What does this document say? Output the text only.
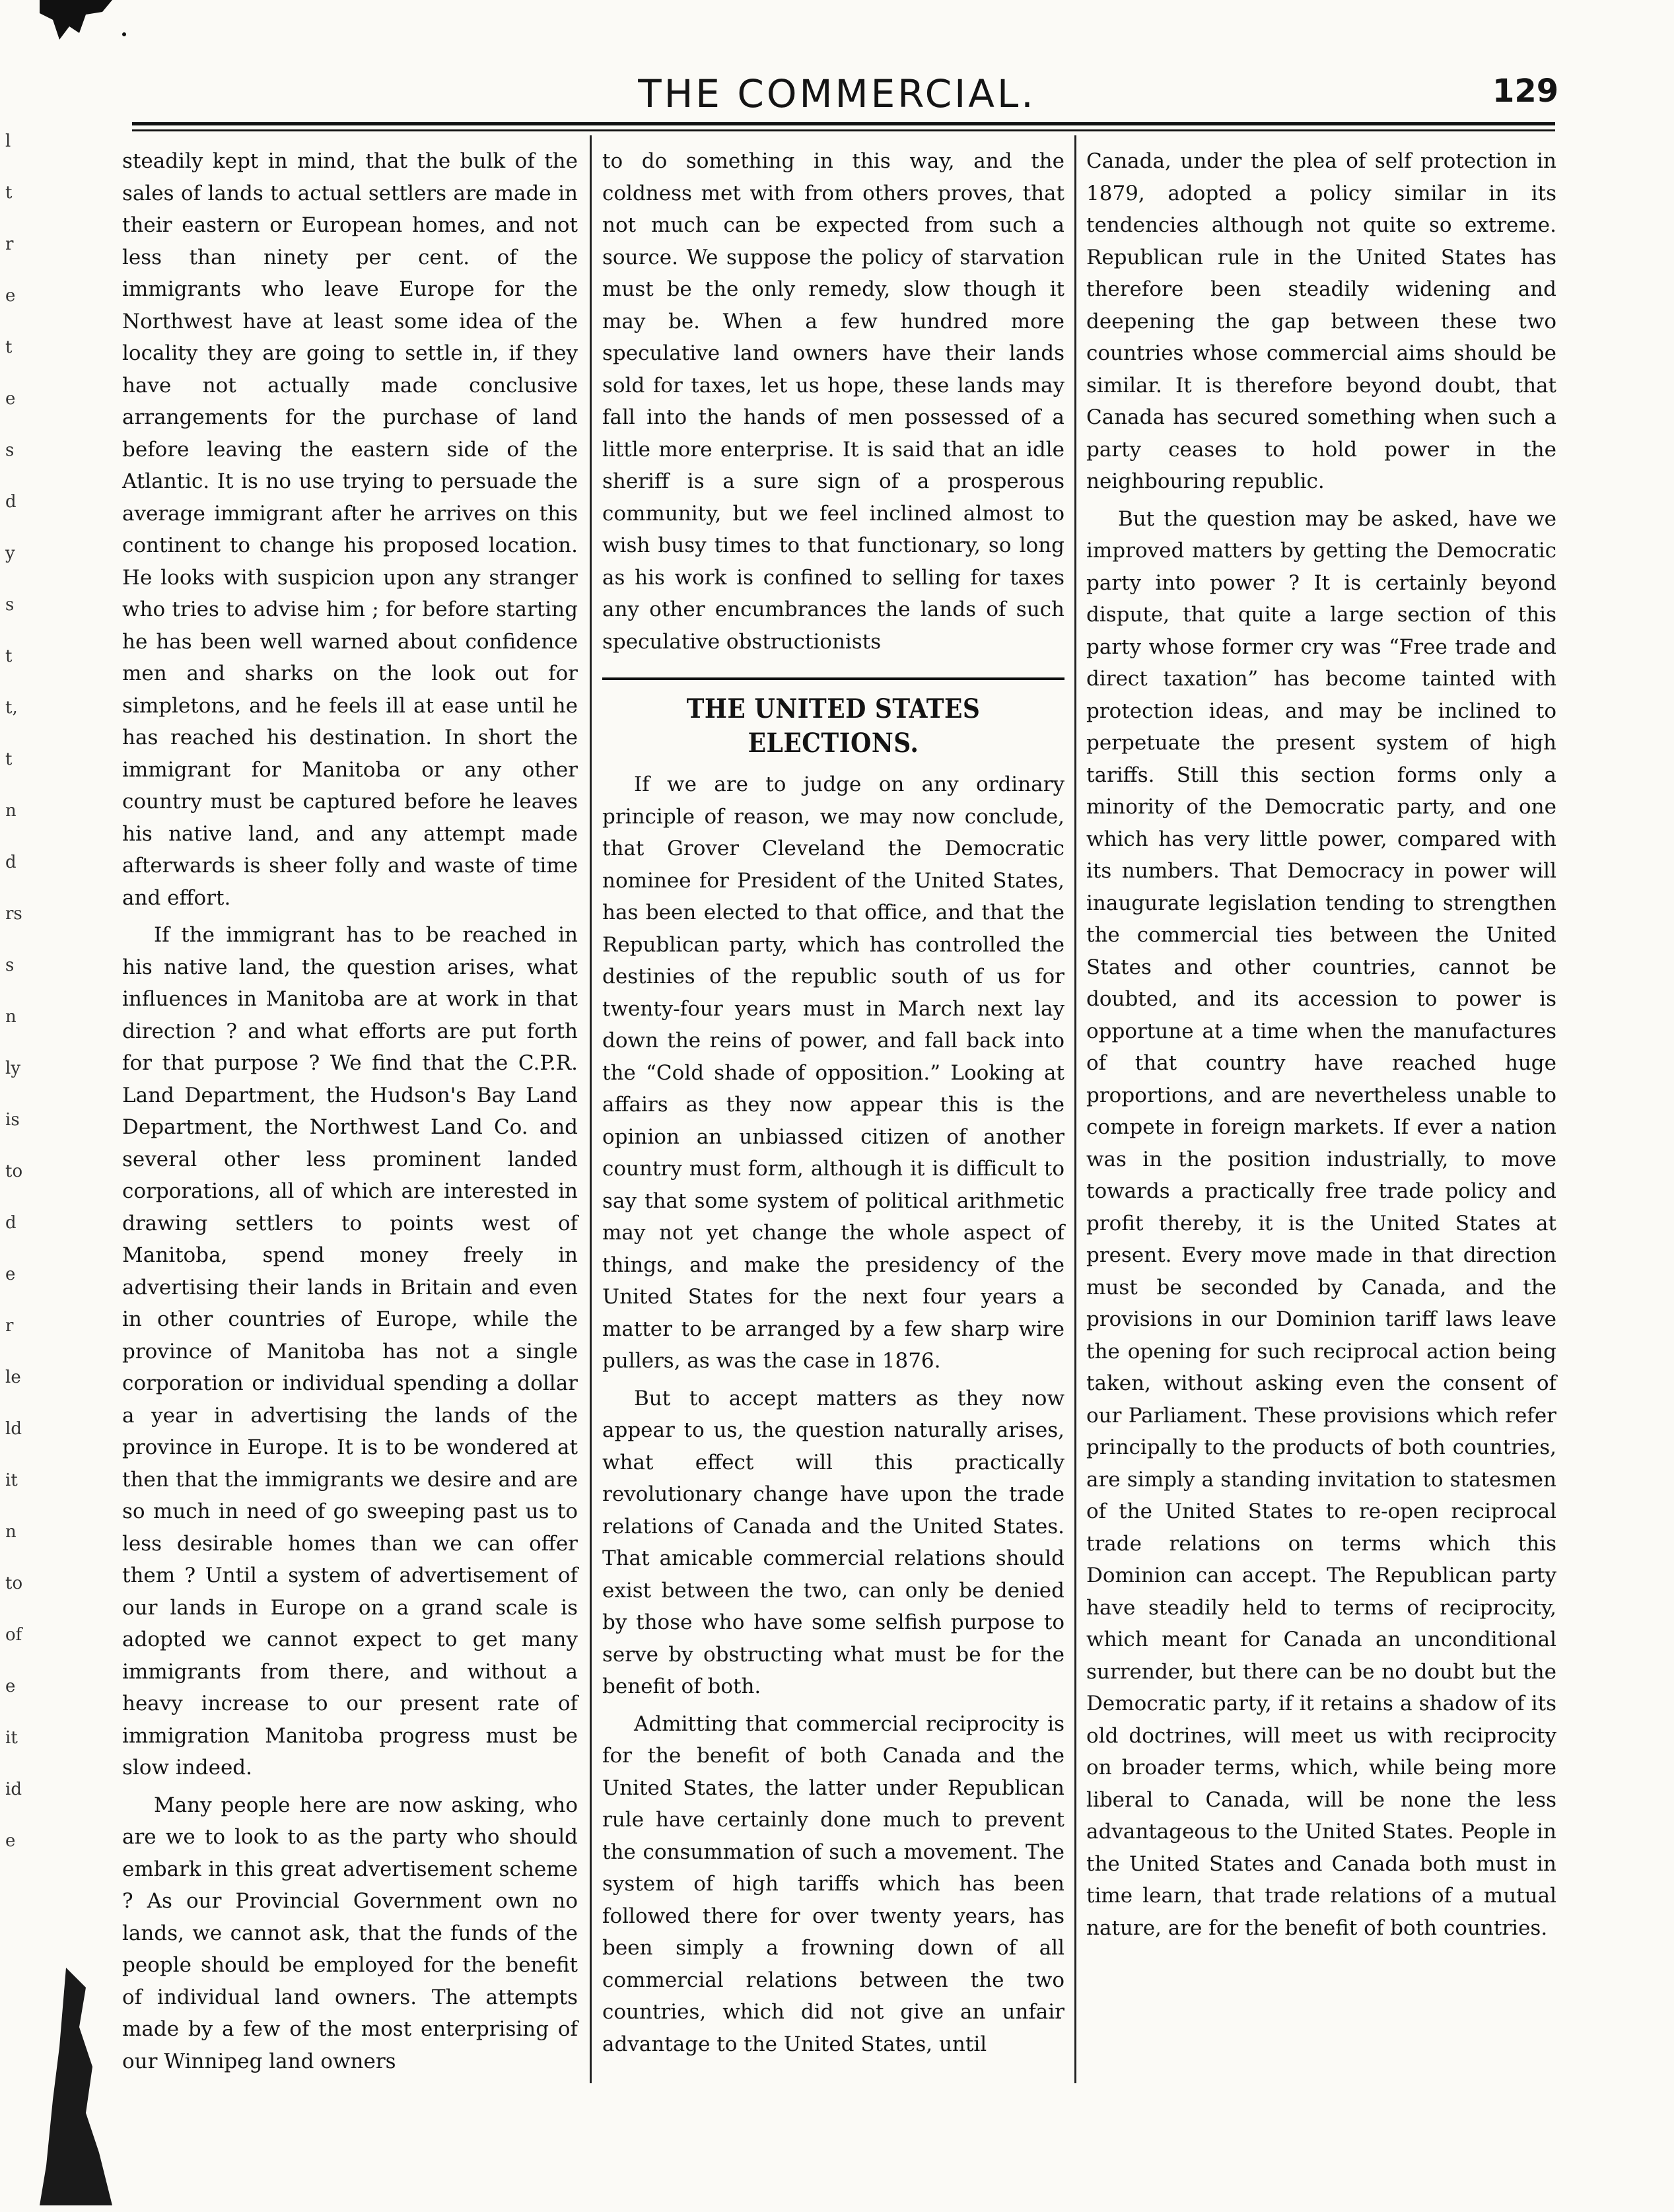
THE COMMERCIAL.	129
l
t
r
e
t
e
s
d
y
s
t
t,
t
n
d
rs
s
n
ly
is
to
d
e
r
le
ld
it
n
to
of
e
it
id
e

steadily kept in mind, that the bulk of the sales of lands to actual settlers are made in their eastern or European homes, and not less than ninety per cent. of the immigrants who leave Europe for the Northwest have at least some idea of the locality they are going to settle in, if they have not actually made conclusive arrangements for the purchase of land before leaving the eastern side of the Atlantic. It is no use trying to persuade the average immigrant after he arrives on this continent to change his proposed location. He looks with suspicion upon any stranger who tries to advise him ; for before starting he has been well warned about confidence men and sharks on the look out for simpletons, and he feels ill at ease until he has reached his destination. In short the immigrant for Manitoba or any other country must be captured before he leaves his native land, and any attempt made afterwards is sheer folly and waste of time and effort.

If the immigrant has to be reached in his native land, the question arises, what influences in Manitoba are at work in that direction ? and what efforts are put forth for that purpose ? We find that the C.P.R. Land Department, the Hudson's Bay Land Department, the Northwest Land Co. and several other less prominent landed corporations, all of which are interested in drawing settlers to points west of Manitoba, spend money freely in advertising their lands in Britain and even in other countries of Europe, while the province of Manitoba has not a single corporation or individual spending a dollar a year in advertising the lands of the province in Europe. It is to be wondered at then that the immigrants we desire and are so much in need of go sweeping past us to less desirable homes than we can offer them ? Until a system of advertisement of our lands in Europe on a grand scale is adopted we cannot expect to get many immigrants from there, and without a heavy increase to our present rate of immigration Manitoba progress must be slow indeed.

Many people here are now asking, who are we to look to as the party who should embark in this great advertisement scheme ? As our Provincial Government own no lands, we cannot ask, that the funds of the people should be employed for the benefit of individual land owners. The attempts made by a few of the most enterprising of our Winnipeg land owners

to do something in this way, and the coldness met with from others proves, that not much can be expected from such a source. We suppose the policy of starvation must be the only remedy, slow though it may be. When a few hundred more speculative land owners have their lands sold for taxes, let us hope, these lands may fall into the hands of men possessed of a little more enterprise. It is said that an idle sheriff is a sure sign of a prosperous community, but we feel inclined almost to wish busy times to that functionary, so long as his work is confined to selling for taxes any other encumbrances the lands of such speculative obstructionists

THE UNITED STATES ELECTIONS.

If we are to judge on any ordinary principle of reason, we may now conclude, that Grover Cleveland the Democratic nominee for President of the United States, has been elected to that office, and that the Republican party, which has controlled the destinies of the republic south of us for twenty-four years must in March next lay down the reins of power, and fall back into the “Cold shade of opposition.” Looking at affairs as they now appear this is the opinion an unbiassed citizen of another country must form, although it is difficult to say that some system of political arithmetic may not yet change the whole aspect of things, and make the presidency of the United States for the next four years a matter to be arranged by a few sharp wire pullers, as was the case in 1876.

But to accept matters as they now appear to us, the question naturally arises, what effect will this practically revolutionary change have upon the trade relations of Canada and the United States. That amicable commercial relations should exist between the two, can only be denied by those who have some selfish purpose to serve by obstructing what must be for the benefit of both.

Admitting that commercial reciprocity is for the benefit of both Canada and the United States, the latter under Republican rule have certainly done much to prevent the consummation of such a movement. The system of high tariffs which has been followed there for over twenty years, has been simply a frowning down of all commercial relations between the two countries, which did not give an unfair advantage to the United States, until

Canada, under the plea of self protection in 1879, adopted a policy similar in its tendencies although not quite so extreme. Republican rule in the United States has therefore been steadily widening and deepening the gap between these two countries whose commercial aims should be similar. It is therefore beyond doubt, that Canada has secured something when such a party ceases to hold power in the neighbouring republic.

But the question may be asked, have we improved matters by getting the Democratic party into power ? It is certainly beyond dispute, that quite a large section of this party whose former cry was “Free trade and direct taxation” has become tainted with protection ideas, and may be inclined to perpetuate the present system of high tariffs. Still this section forms only a minority of the Democratic party, and one which has very little power, compared with its numbers. That Democracy in power will inaugurate legislation tending to strengthen the commercial ties between the United States and other countries, cannot be doubted, and its accession to power is opportune at a time when the manufactures of that country have reached huge proportions, and are nevertheless unable to compete in foreign markets. If ever a nation was in the position industrially, to move towards a practically free trade policy and profit thereby, it is the United States at present. Every move made in that direction must be seconded by Canada, and the provisions in our Dominion tariff laws leave the opening for such reciprocal action being taken, without asking even the consent of our Parliament. These provisions which refer principally to the products of both countries, are simply a standing invitation to statesmen of the United States to re-open reciprocal trade relations on terms which this Dominion can accept. The Republican party have steadily held to terms of reciprocity, which meant for Canada an unconditional surrender, but there can be no doubt but the Democratic party, if it retains a shadow of its old doctrines, will meet us with reciprocity on broader terms, which, while being more liberal to Canada, will be none the less advantageous to the United States. People in the United States and Canada both must in time learn, that trade relations of a mutual nature, are for the benefit of both countries.
